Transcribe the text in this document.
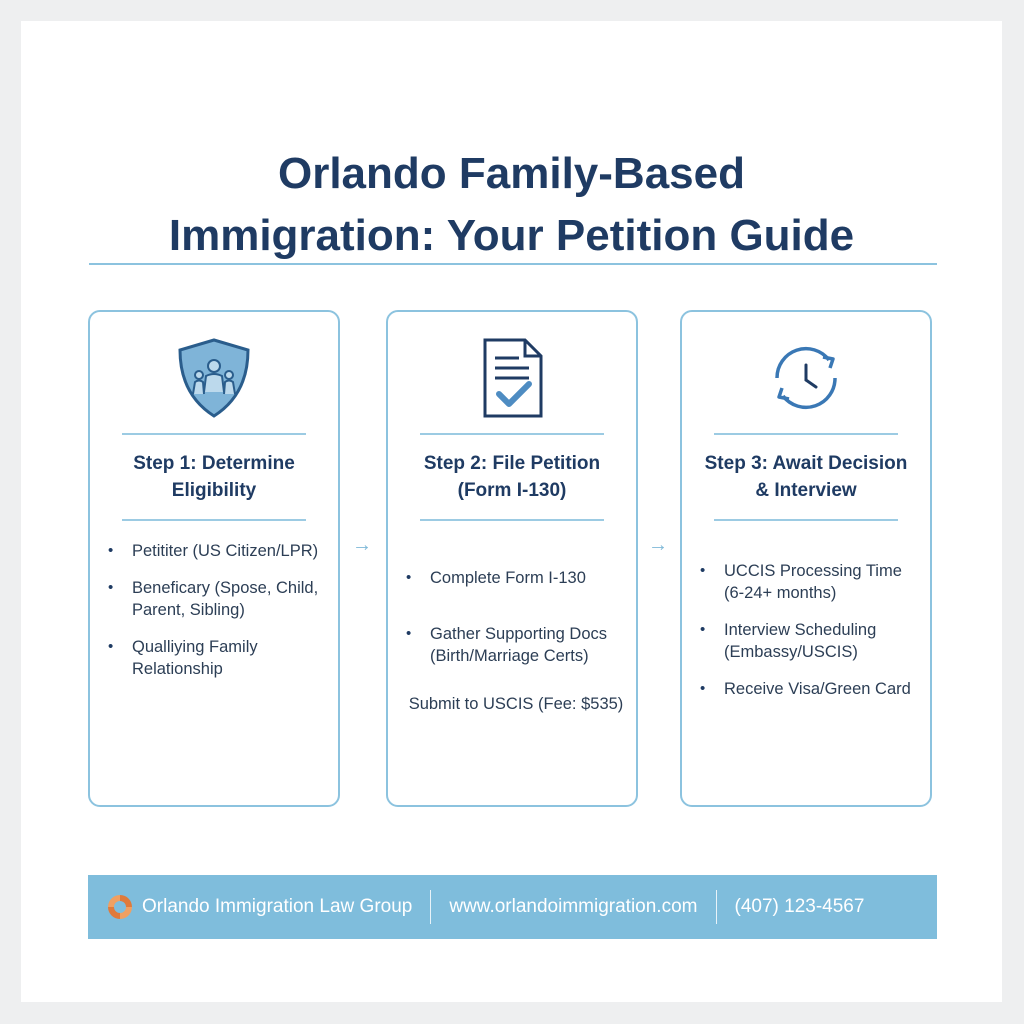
Orlando Family-Based
Immigration: Your Petition Guide
Step 1: Determine
Eligibility
• Petititer (US Citizen/LPR)
• Beneficary (Spose, Child, Parent, Sibling)
• Qualliying Family Relationship
→
Step 2: File Petition
(Form I-130)
• Complete Form I-130
• Gather Supporting Docs (Birth/Marriage Certs)
Submit to USCIS (Fee: $535)
→
Step 3: Await Decision
& Interview
• UCCIS Processing Time (6-24+ months)
• Interview Scheduling (Embassy/USCIS)
• Receive Visa/Green Card
Orlando Immigration Law Group www.orlandoimmigration.com (407) 123-4567
